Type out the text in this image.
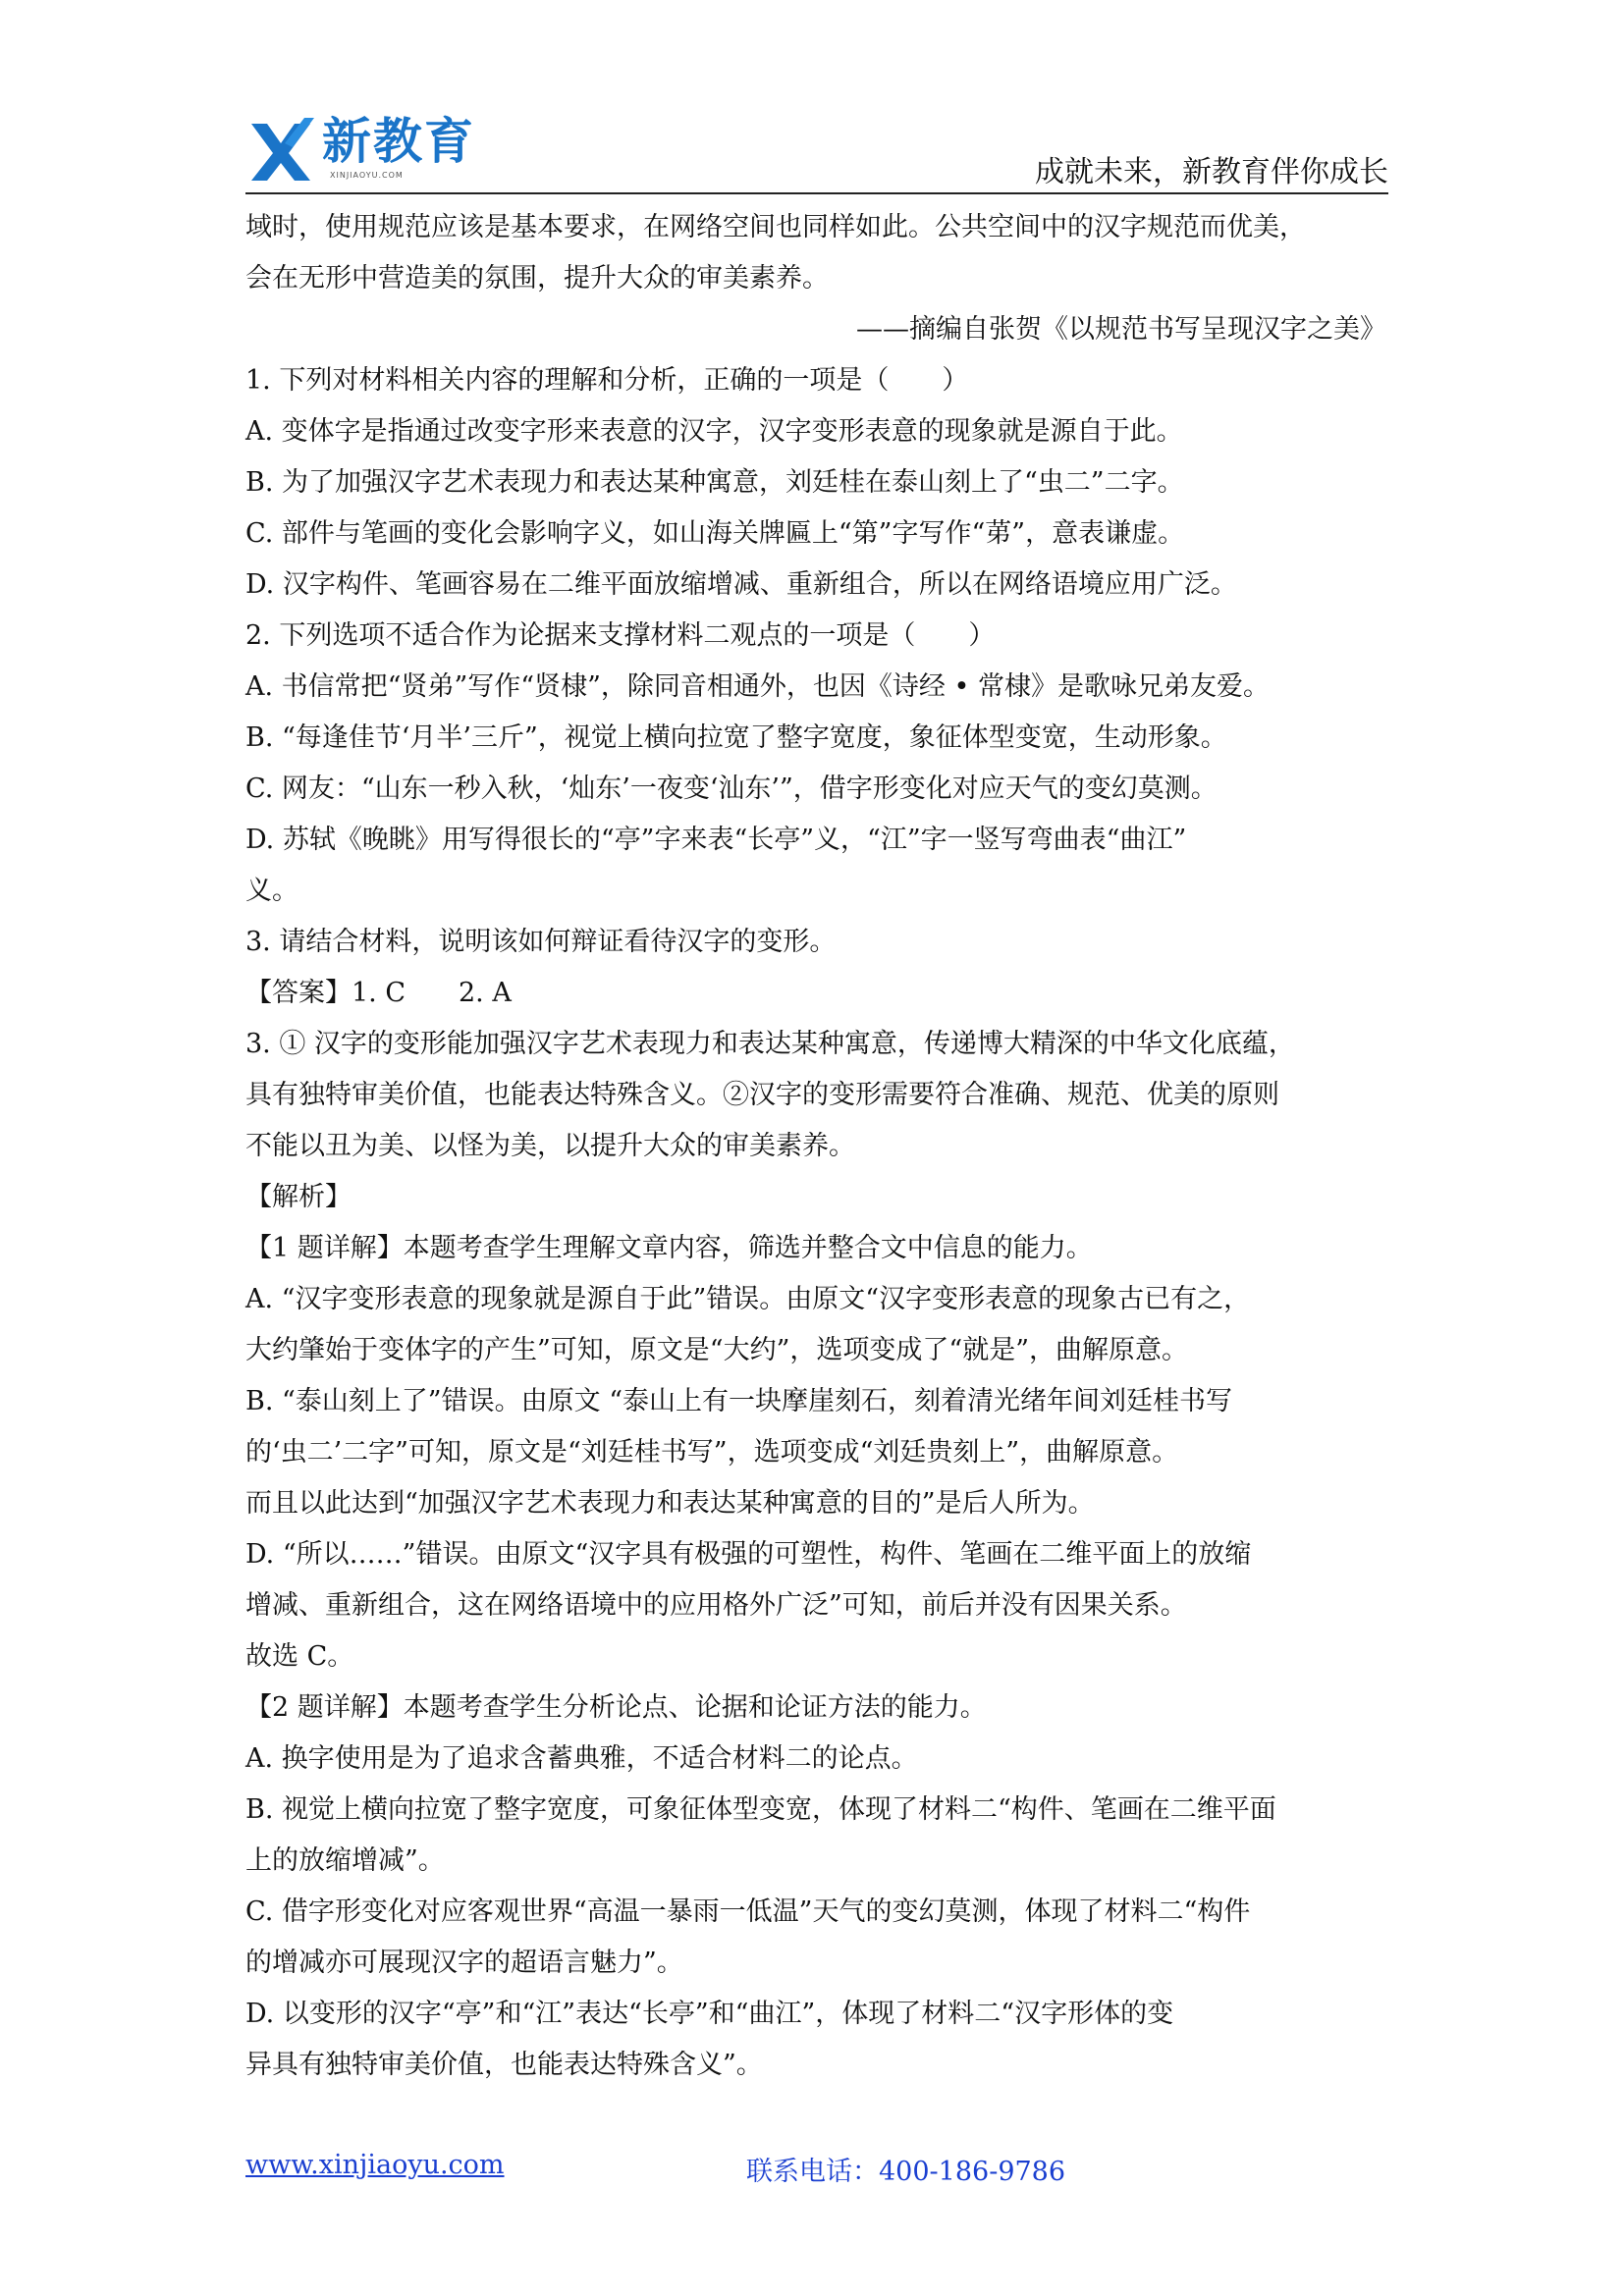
新教育
XINJIAOYU.COM	成就未来，新教育伴你成长
域时，使用规范应该是基本要求，在网络空间也同样如此。公共空间中的汉字规范而优美，
会在无形中营造美的氛围，提升大众的审美素养。
——摘编自张贺《以规范书写呈现汉字之美》
1. 下列对材料相关内容的理解和分析，正确的一项是（　　）
A. 变体字是指通过改变字形来表意的汉字，汉字变形表意的现象就是源自于此。
B. 为了加强汉字艺术表现力和表达某种寓意，刘廷桂在泰山刻上了“虫二”二字。
C. 部件与笔画的变化会影响字义，如山海关牌匾上“第”字写作“苐”，意表谦虚。
D. 汉字构件、笔画容易在二维平面放缩增减、重新组合，所以在网络语境应用广泛。
2. 下列选项不适合作为论据来支撑材料二观点的一项是（　　）
A. 书信常把“贤弟”写作“贤棣”，除同音相通外，也因《诗经 • 常棣》是歌咏兄弟友爱。
B. “每逢佳节‘月半’三斤”，视觉上横向拉宽了整字宽度，象征体型变宽，生动形象。
C. 网友：“山东一秒入秋，‘灿东’一夜变‘汕东’”，借字形变化对应天气的变幻莫测。
D. 苏轼《晚眺》用写得很长的“亭”字来表“长亭”义，“江”字一竖写弯曲表“曲江”
义。
3. 请结合材料，说明该如何辩证看待汉字的变形。
【答案】1. C　　2. A
3. ① 汉字的变形能加强汉字艺术表现力和表达某种寓意，传递博大精深的中华文化底蕴，
具有独特审美价值，也能表达特殊含义。②汉字的变形需要符合准确、规范、优美的原则
不能以丑为美、以怪为美，以提升大众的审美素养。
【解析】
【1 题详解】本题考查学生理解文章内容，筛选并整合文中信息的能力。
A. “汉字变形表意的现象就是源自于此”错误。由原文“汉字变形表意的现象古已有之，
大约肇始于变体字的产生”可知，原文是“大约”，选项变成了“就是”，曲解原意。
B. “泰山刻上了”错误。由原文 “泰山上有一块摩崖刻石，刻着清光绪年间刘廷桂书写
的‘虫二’二字”可知，原文是“刘廷桂书写”，选项变成“刘廷贵刻上”，曲解原意。
而且以此达到“加强汉字艺术表现力和表达某种寓意的目的”是后人所为。
D. “所以……”错误。由原文“汉字具有极强的可塑性，构件、笔画在二维平面上的放缩
增减、重新组合，这在网络语境中的应用格外广泛”可知，前后并没有因果关系。
故选 C。
【2 题详解】本题考查学生分析论点、论据和论证方法的能力。
A. 换字使用是为了追求含蓄典雅，不适合材料二的论点。
B. 视觉上横向拉宽了整字宽度，可象征体型变宽，体现了材料二“构件、笔画在二维平面
上的放缩增减”。
C. 借字形变化对应客观世界“高温一暴雨一低温”天气的变幻莫测，体现了材料二“构件
的增减亦可展现汉字的超语言魅力”。
D. 以变形的汉字“亭”和“江”表达“长亭”和“曲江”，体现了材料二“汉字形体的变
异具有独特审美价值，也能表达特殊含义”。
www.xinjiaoyu.com	联系电话：400-186-9786
